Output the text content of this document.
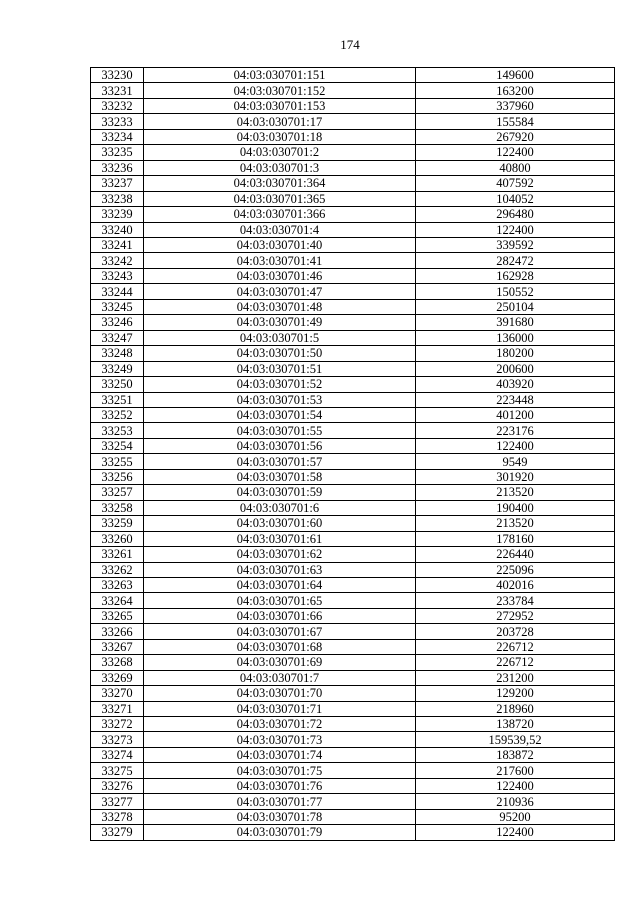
174
33230	04:03:030701:151	149600
33231	04:03:030701:152	163200
33232	04:03:030701:153	337960
33233	04:03:030701:17	155584
33234	04:03:030701:18	267920
33235	04:03:030701:2	122400
33236	04:03:030701:3	40800
33237	04:03:030701:364	407592
33238	04:03:030701:365	104052
33239	04:03:030701:366	296480
33240	04:03:030701:4	122400
33241	04:03:030701:40	339592
33242	04:03:030701:41	282472
33243	04:03:030701:46	162928
33244	04:03:030701:47	150552
33245	04:03:030701:48	250104
33246	04:03:030701:49	391680
33247	04:03:030701:5	136000
33248	04:03:030701:50	180200
33249	04:03:030701:51	200600
33250	04:03:030701:52	403920
33251	04:03:030701:53	223448
33252	04:03:030701:54	401200
33253	04:03:030701:55	223176
33254	04:03:030701:56	122400
33255	04:03:030701:57	9549
33256	04:03:030701:58	301920
33257	04:03:030701:59	213520
33258	04:03:030701:6	190400
33259	04:03:030701:60	213520
33260	04:03:030701:61	178160
33261	04:03:030701:62	226440
33262	04:03:030701:63	225096
33263	04:03:030701:64	402016
33264	04:03:030701:65	233784
33265	04:03:030701:66	272952
33266	04:03:030701:67	203728
33267	04:03:030701:68	226712
33268	04:03:030701:69	226712
33269	04:03:030701:7	231200
33270	04:03:030701:70	129200
33271	04:03:030701:71	218960
33272	04:03:030701:72	138720
33273	04:03:030701:73	159539,52
33274	04:03:030701:74	183872
33275	04:03:030701:75	217600
33276	04:03:030701:76	122400
33277	04:03:030701:77	210936
33278	04:03:030701:78	95200
33279	04:03:030701:79	122400
